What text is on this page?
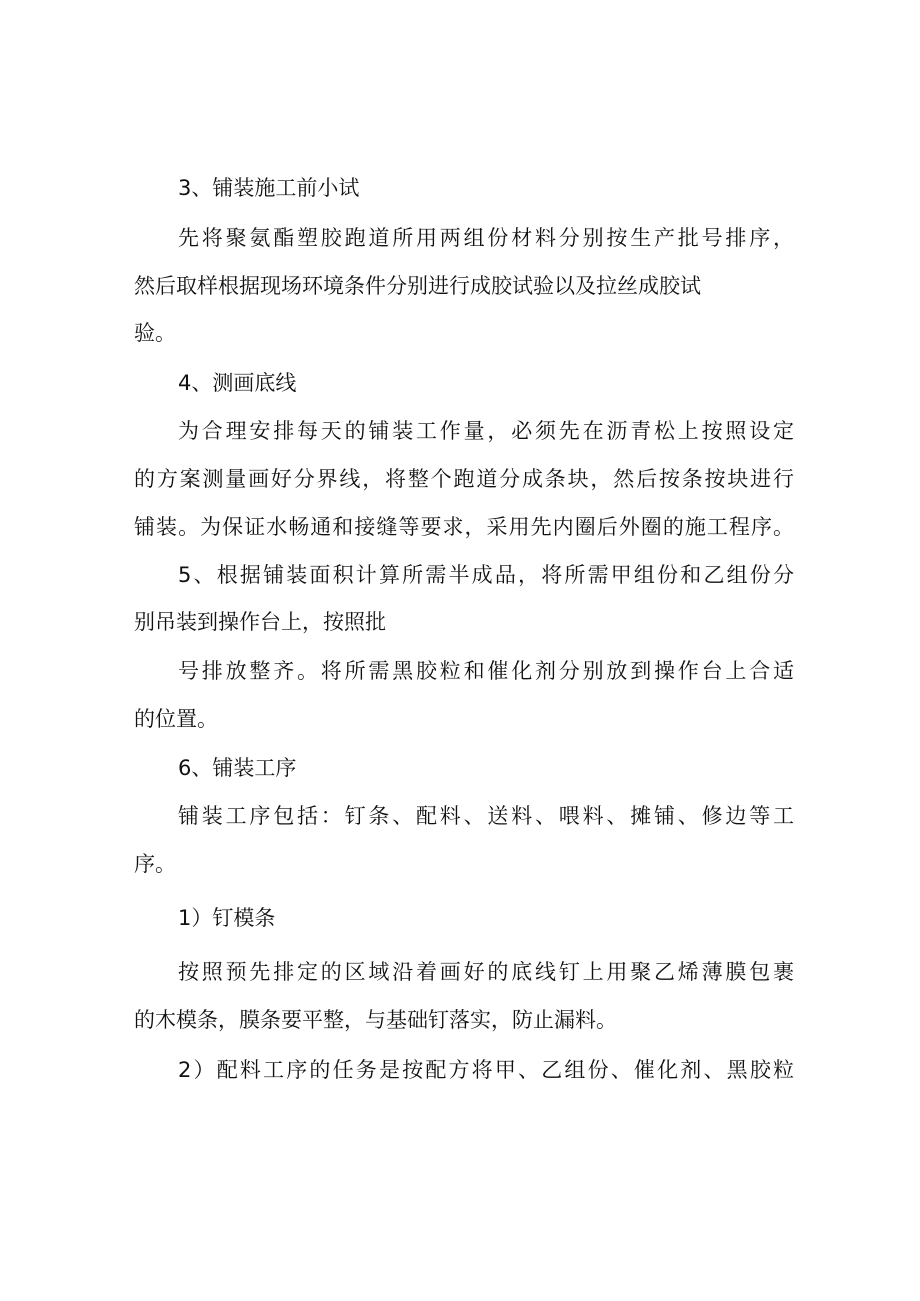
3、铺装施工前小试
先将聚氨酯塑胶跑道所用两组份材料分别按生产批号排序，
然后取样根据现场环境条件分别进行成胶试验以及拉丝成胶试
验。
4、测画底线
为合理安排每天的铺装工作量，必须先在沥青松上按照设定
的方案测量画好分界线，将整个跑道分成条块，然后按条按块进行
铺装。为保证水畅通和接缝等要求，采用先内圈后外圈的施工程序。
5、根据铺装面积计算所需半成品，将所需甲组份和乙组份分
别吊装到操作台上，按照批
号排放整齐。将所需黑胶粒和催化剂分别放到操作台上合适
的位置。
6、铺装工序
铺装工序包括：钉条、配料、送料、喂料、摊铺、修边等工
序。
1）钉模条
按照预先排定的区域沿着画好的底线钉上用聚乙烯薄膜包裹
的木模条，膜条要平整，与基础钉落实，防止漏料。
2）配料工序的任务是按配方将甲、乙组份、催化剂、黑胶粒
